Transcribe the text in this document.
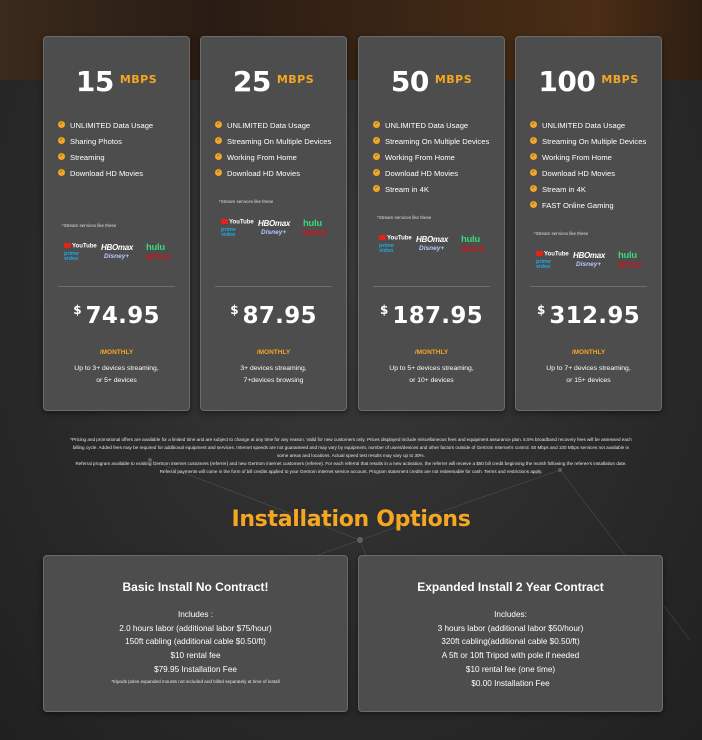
15 $^{MBPS}$
✓ UNLIMITED Data Usage
✓ Sharing Photos
✓ Streaming
✓ Download HD Movies
*Stream services like these
YouTube
prime
video
HBOmax
Disney+
hulu
NETFLIX
$ 74.95
/MONTHLY
Up to 3+ devices streaming,
or 5+ devices
25 $^{MBPS}$
✓ UNLIMITED Data Usage
✓ Streaming On Multiple Devices
✓ Working From Home
✓ Download HD Movies
*Stream services like these
YouTube
prime
video
HBOmax
Disney+
hulu
NETFLIX
$ 87.95
/MONTHLY
3+ devices streaming,
7+devices browsing
50 $^{MBPS}$
✓ UNLIMITED Data Usage
✓ Streaming On Multiple Devices
✓ Working From Home
✓ Download HD Movies
✓ Stream in 4K
*Stream services like these
YouTube
prime
video
HBOmax
Disney+
hulu
NETFLIX
$ 187.95
/MONTHLY
Up to 5+ devices streaming,
or 10+ devices
100 $^{MBPS}$
✓ UNLIMITED Data Usage
✓ Streaming On Multiple Devices
✓ Working From Home
✓ Download HD Movies
✓ Stream in 4K
✓ FAST Online Gaming
*Stream services like these
YouTube
prime
video
HBOmax
Disney+
hulu
NETFLIX
$ 312.95
/MONTHLY
Up to 7+ devices streaming,
or 15+ devices
*Pricing and promotional offers are available for a limited time and are subject to change at any time for any reason. Valid for new customers only. Prices displayed include miscellaneous fees and equipment assurance plan. 5.5% broadband recovery fees will be assessed each
billing cycle. Added fees may be required for additional equipment and services. Internet speeds are not guaranteed and may vary by equipment, number of users/devices and other factors outside of Gertrom Internet's control. 50 Mbps and 100 Mbps services not available in
some areas and locations. Actual speed test results may vary up to 30%.
Referral program available to existing Gertrom internet customers (referrer) and new Gertrom internet customers (referee). For each referral that results in a new activation, the referrer will receive a $50 bill credit beginning the month following the referee's installation date.
Referral payments will come in the form of bill credits applied to your Gertrom internet service account. Program statement credits are not redeemable for cash. Terms and restrictions apply.
Installation Options
Basic Install No Contract!
Includes :
2.0 hours labor (additional labor $75/hour)
150ft cabling (additional cable $0.50/ft)
$10 rental fee
$79.95 Installation Fee
*tripods poles expanded mounts not included and billed separately at time of install
Expanded Install 2 Year Contract
Includes:
3 hours labor (additional labor $50/hour)
320ft cabling(additional cable $0.50/ft)
A 5ft or 10ft Tripod with pole if needed
$10 rental fee (one time)
$0.00 Installation Fee
